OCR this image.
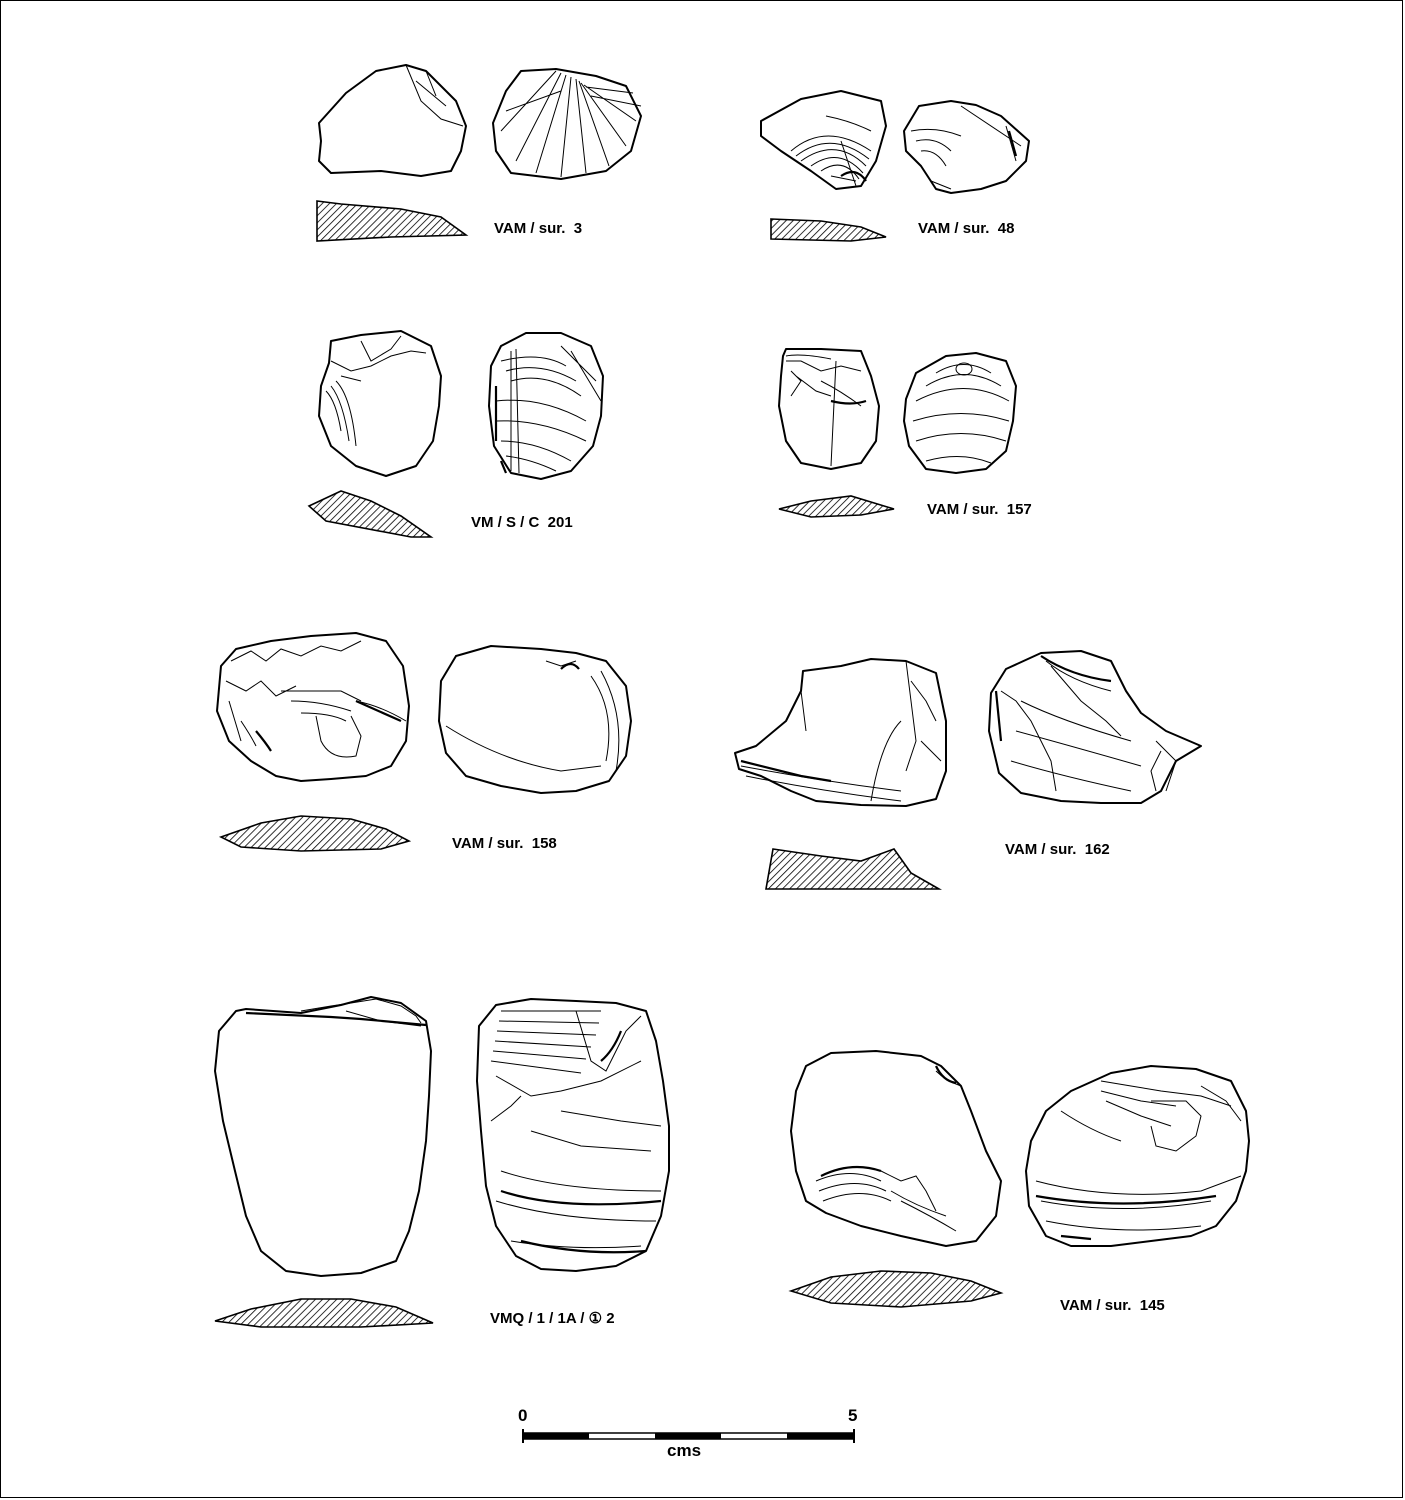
VAM / sur.  3	VAM / sur.  48
VM / S / C  201
VAM / sur.  157
VAM / sur.  158	VAM / sur.  162
VMQ / 1 / 1A / ① 2
VAM / sur.  145
0	5
cms
